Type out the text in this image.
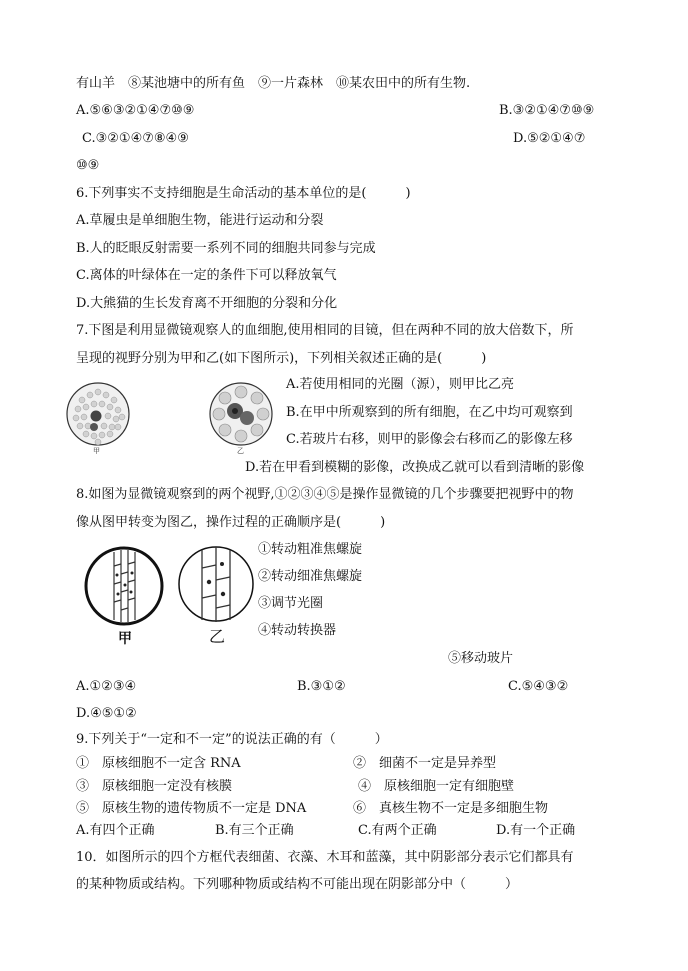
有山羊　⑧某池塘中的所有鱼　⑨一片森林　⑩某农田中的所有生物.
A.⑤⑥③②①④⑦⑩⑨	B.③②①④⑦⑩⑨
C.③②①④⑦⑧④⑨	D.⑤②①④⑦
⑩⑨
6.下列事实不支持细胞是生命活动的基本单位的是(　　　)
A.草履虫是单细胞生物，能进行运动和分裂
B.人的眨眼反射需要一系列不同的细胞共同参与完成
C.离体的叶绿体在一定的条件下可以释放氧气
D.大熊猫的生长发育离不开细胞的分裂和分化
7.下图是利用显微镜观察人的血细胞,使用相同的目镜，但在两种不同的放大倍数下，所
呈现的视野分别为甲和乙(如下图所示)，下列相关叙述正确的是(　　　)
甲	乙
A.若使用相同的光圈（源），则甲比乙亮
B.在甲中所观察到的所有细胞，在乙中均可观察到
C.若玻片右移，则甲的影像会右移而乙的影像左移
D.若在甲看到模糊的影像，改换成乙就可以看到清晰的影像
8.如图为显微镜观察到的两个视野,①②③④⑤是操作显微镜的几个步骤要把视野中的物
像从图甲转变为图乙，操作过程的正确顺序是(　　　)
甲	乙
①转动粗准焦螺旋
②转动细准焦螺旋
③调节光圈
④转动转换器
⑤移动玻片
A.①②③④	B.③①②	C.⑤④③②
D.④⑤①②
9.下列关于“一定和不一定”的说法正确的有（　　　）
①　原核细胞不一定含 RNA	②　细菌不一定是异养型
③　原核细胞一定没有核膜	④　原核细胞一定有细胞壁
⑤　原核生物的遗传物质不一定是 DNA	⑥　真核生物不一定是多细胞生物
A.有四个正确	B.有三个正确	C.有两个正确	D.有一个正确
10．如图所示的四个方框代表细菌、衣藻、木耳和蓝藻，其中阴影部分表示它们都具有
的某种物质或结构。下列哪种物质或结构不可能出现在阴影部分中（　　　）
